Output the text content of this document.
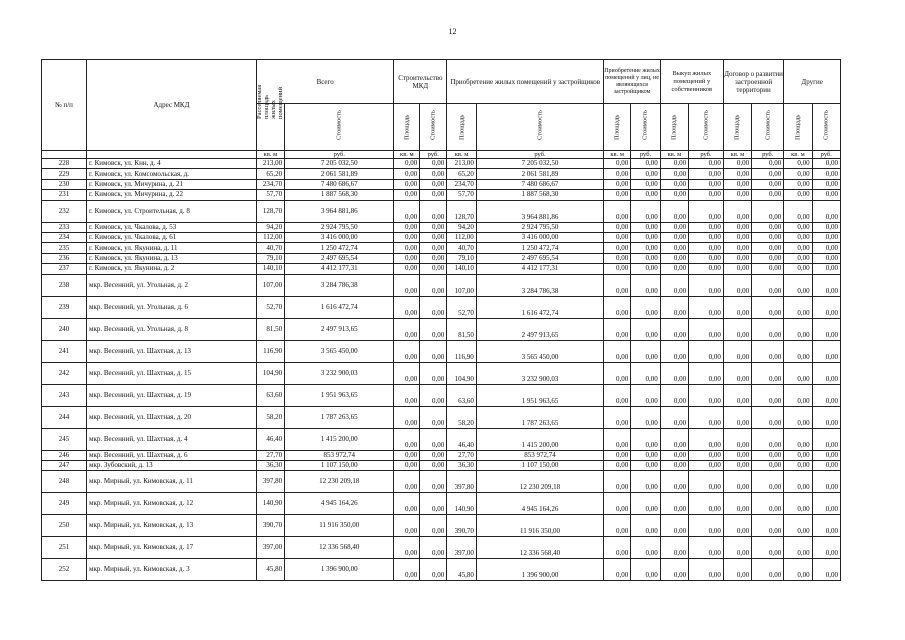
12
№ п/п	Адрес МКД	Всего		Строительство МКД		Приобретение жилых помещений у застройщиков		Приобретение жилых помещений у лиц, не являющихся застройщиком		Выкуп жилых помещений у собственников		Договор о развитии застроенной территории		Другие	

		Расселяемая площадь жилых помещений	Стоимость	Площадь	Стоимость	Площадь	Стоимость	Площадь	Стоимость	Площадь	Стоимость	Площадь	Стоимость	Площадь	Стоимость

		кв. м	руб.	кв. м	руб.	кв. м	руб.	кв. м	руб.	кв. м	руб.	кв. м	руб.	кв. м	руб.
228	г. Кимовск, ул. Кнн, д. 4	213,00	7 205 032,50	0,00	0,00	213,00	7 205 032,50	0,00	0,00	0,00	0,00	0,00	0,00	0,00	0,00
229	г. Кимовск, ул. Комсомольская, д.	65,20	2 061 581,89	0,00	0,00	65,20	2 061 581,89	0,00	0,00	0,00	0,00	0,00	0,00	0,00	0,00
230	г. Кимовск, ул. Мичурина, д. 21	234,70	7 480 686,67	0,00	0,00	234,70	7 480 686,67	0,00	0,00	0,00	0,00	0,00	0,00	0,00	0,00
231	г. Кимовск, ул. Мичурина, д. 22	57,70	1 887 568,30	0,00	0,00	57,70	1 887 568,30	0,00	0,00	0,00	0,00	0,00	0,00	0,00	0,00
232	г. Кимовск, ул. Строительная, д. 8	128,70	3 964 881,86	0,00	0,00	128,70	3 964 881,86	0,00	0,00	0,00	0,00	0,00	0,00	0,00	0,00
233	г. Кимовск, ул. Чкалова, д. 53	94,20	2 924 795,50	0,00	0,00	94,20	2 924 795,50	0,00	0,00	0,00	0,00	0,00	0,00	0,00	0,00
234	г. Кимовск, ул. Чкалова, д. 61	112,00	3 416 000,00	0,00	0,00	112,00	3 416 000,00	0,00	0,00	0,00	0,00	0,00	0,00	0,00	0,00
235	г. Кимовск, ул. Якунина, д. 11	40,70	1 250 472,74	0,00	0,00	40,70	1 250 472,74	0,00	0,00	0,00	0,00	0,00	0,00	0,00	0,00
236	г. Кимовск, ул. Якунина, д. 13	79,10	2 497 695,54	0,00	0,00	79,10	2 497 695,54	0,00	0,00	0,00	0,00	0,00	0,00	0,00	0,00
237	г. Кимовск, ул. Якунина, д. 2	140,10	4 412 177,31	0,00	0,00	140,10	4 412 177,31	0,00	0,00	0,00	0,00	0,00	0,00	0,00	0,00
238	мкр. Весенний, ул. Угольная, д. 2	107,00	3 284 786,38	0,00	0,00	107,00	3 284 786,38	0,00	0,00	0,00	0,00	0,00	0,00	0,00	0,00
239	мкр. Весенний, ул. Угольная, д. 6	52,70	1 616 472,74	0,00	0,00	52,70	1 616 472,74	0,00	0,00	0,00	0,00	0,00	0,00	0,00	0,00
240	мкр. Весенний, ул. Угольная, д. 8	81,50	2 497 913,65	0,00	0,00	81,50	2 497 913,65	0,00	0,00	0,00	0,00	0,00	0,00	0,00	0,00
241	мкр. Весенний, ул. Шахтная, д. 13	116,90	3 565 450,00	0,00	0,00	116,90	3 565 450,00	0,00	0,00	0,00	0,00	0,00	0,00	0,00	0,00
242	мкр. Весенний, ул. Шахтная, д. 15	104,90	3 232 900,03	0,00	0,00	104,90	3 232 900,03	0,00	0,00	0,00	0,00	0,00	0,00	0,00	0,00
243	мкр. Весенний, ул. Шахтная, д. 19	63,60	1 951 963,65	0,00	0,00	63,60	1 951 963,65	0,00	0,00	0,00	0,00	0,00	0,00	0,00	0,00
244	мкр. Весенний, ул. Шахтная, д. 20	58,20	1 787 263,65	0,00	0,00	58,20	1 787 263,65	0,00	0,00	0,00	0,00	0,00	0,00	0,00	0,00
245	мкр. Весенний, ул. Шахтная, д. 4	46,40	1 415 200,00	0,00	0,00	46,40	1 415 200,00	0,00	0,00	0,00	0,00	0,00	0,00	0,00	0,00
246	мкр. Весенний, ул. Шахтная, д. 6	27,70	853 972,74	0,00	0,00	27,70	853 972,74	0,00	0,00	0,00	0,00	0,00	0,00	0,00	0,00
247	мкр. Зубовский, д. 13	36,30	1 107 150,00	0,00	0,00	36,30	1 107 150,00	0,00	0,00	0,00	0,00	0,00	0,00	0,00	0,00
248	мкр. Мирный, ул. Кимовская, д. 11	397,80	12 230 209,18	0,00	0,00	397,80	12 230 209,18	0,00	0,00	0,00	0,00	0,00	0,00	0,00	0,00
249	мкр. Мирный, ул. Кимовская, д. 12	140,90	4 945 164,26	0,00	0,00	140,90	4 945 164,26	0,00	0,00	0,00	0,00	0,00	0,00	0,00	0,00
250	мкр. Мирный, ул. Кимовская, д. 13	390,70	11 916 350,00	0,00	0,00	390,70	11 916 350,00	0,00	0,00	0,00	0,00	0,00	0,00	0,00	0,00
251	мкр. Мирный, ул. Кимовская, д. 17	397,00	12 336 568,40	0,00	0,00	397,00	12 336 568,40	0,00	0,00	0,00	0,00	0,00	0,00	0,00	0,00
252	мкр. Мирный, ул. Кимовская, д. 3	45,80	1 396 900,00	0,00	0,00	45,80	1 396 900,00	0,00	0,00	0,00	0,00	0,00	0,00	0,00	0,00
